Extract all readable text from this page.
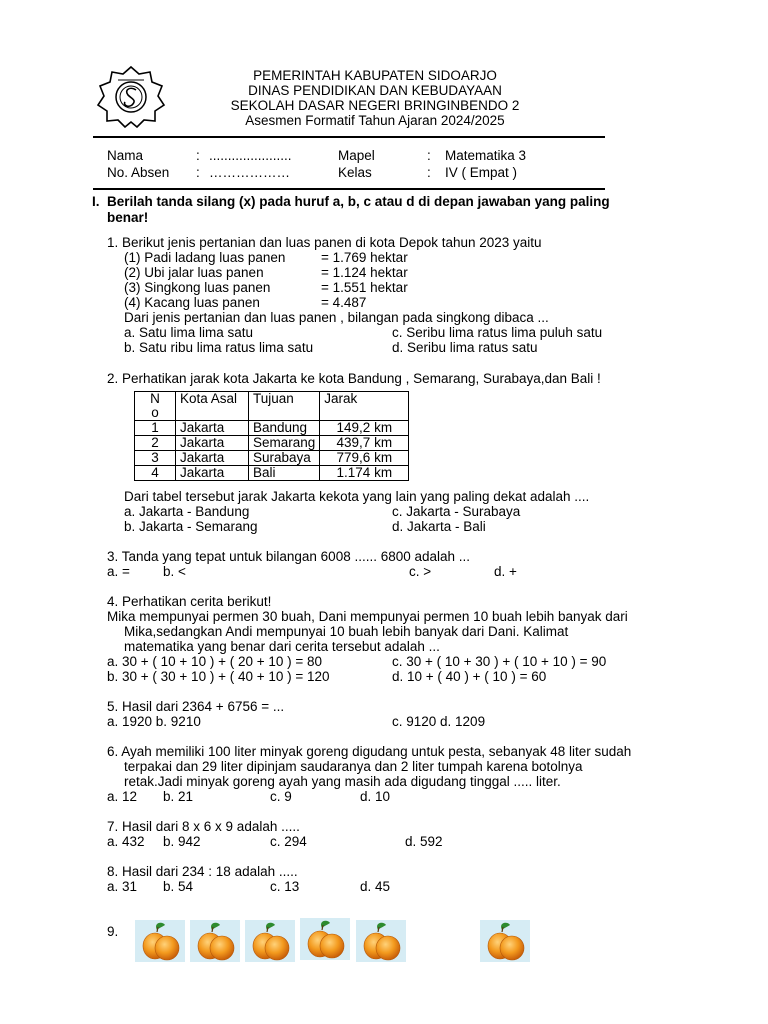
PEMERINTAH KABUPATEN SIDOARJO
DINAS PENDIDIKAN DAN KEBUDAYAAN
SEKOLAH DASAR NEGERI BRINGINBENDO 2
Asesmen Formatif Tahun Ajaran 2024/2025
Nama	: ......................	Mapel	: Matematika 3
No. Absen : ………………	Kelas	: IV ( Empat )
I. Berilah tanda silang (x) pada huruf a, b, c atau d di depan jawaban yang paling
benar!
1. Berikut jenis pertanian dan luas panen di kota Depok tahun 2023 yaitu
(1) Padi ladang luas panen	= 1.769 hektar
(2) Ubi jalar luas panen	= 1.124 hektar
(3) Singkong luas panen	= 1.551 hektar
(4) Kacang luas panen	= 4.487
Dari jenis pertanian dan luas panen , bilangan pada singkong dibaca ...
a. Satu lima lima satu	c. Seribu lima ratus lima puluh satu
b. Satu ribu lima ratus lima satu	d. Seribu lima ratus satu
2. Perhatikan jarak kota Jakarta ke kota Bandung , Semarang, Surabaya,dan Bali !
N
o	Kota Asal	Tujuan	Jarak
1	Jakarta	Bandung	149,2 km
2	Jakarta	Semarang	439,7 km
3	Jakarta	Surabaya	779,6 km
4	Jakarta	Bali	1.174 km
Dari tabel tersebut jarak Jakarta kekota yang lain yang paling dekat adalah ....
a. Jakarta - Bandung	c. Jakarta - Surabaya
b. Jakarta - Semarang	d. Jakarta - Bali
3. Tanda yang tepat untuk bilangan 6008 ...... 6800 adalah ...
a. = b. <	c. >	d. +
4. Perhatikan cerita berikut!
Mika mempunyai permen 30 buah, Dani mempunyai permen 10 buah lebih banyak dari
Mika,sedangkan Andi mempunyai 10 buah lebih banyak dari Dani. Kalimat
matematika yang benar dari cerita tersebut adalah ...
a. 30 + ( 10 + 10 ) + ( 20 + 10 ) = 80	c. 30 + ( 10 + 30 ) + ( 10 + 10 ) = 90
b. 30 + ( 30 + 10 ) + ( 40 + 10 ) = 120	d. 10 + ( 40 ) + ( 10 ) = 60
5. Hasil dari 2364 + 6756 = ...
a. 1920 b. 9210	c. 9120 d. 1209
6. Ayah memiliki 100 liter minyak goreng digudang untuk pesta, sebanyak 48 liter sudah
terpakai dan 29 liter dipinjam saudaranya dan 2 liter tumpah karena botolnya
retak.Jadi minyak goreng ayah yang masih ada digudang tinggal ..... liter.
a. 12 b. 21	c. 9	d. 10
7. Hasil dari 8 x 6 x 9 adalah .....
a. 432 b. 942	c. 294	d. 592
8. Hasil dari 234 : 18 adalah .....
a. 31 b. 54	c. 13	d. 45
9.
